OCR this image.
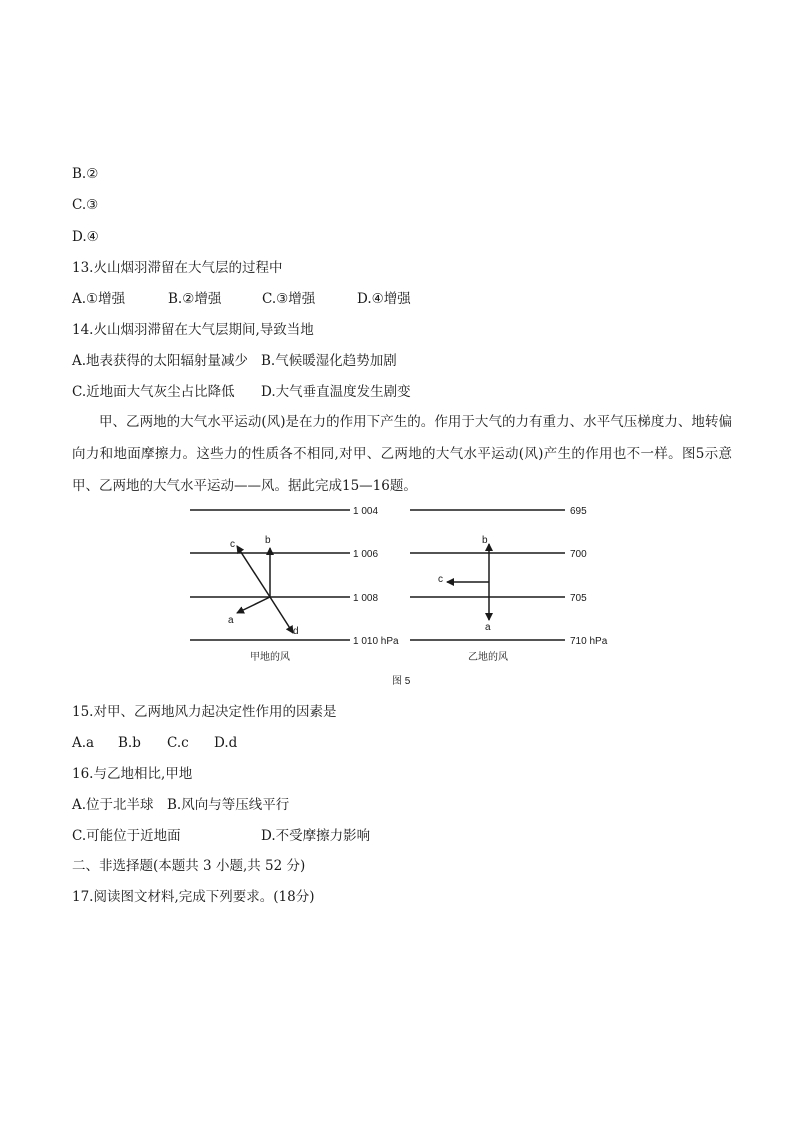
B.②
C.③
D.④
13.火山烟羽滞留在大气层的过程中
A.①增强	B.②增强	C.③增强	D.④增强
14.火山烟羽滞留在大气层期间,导致当地
A.地表获得的太阳辐射量减少 B.气候暖湿化趋势加剧
C.近地面大气灰尘占比降低 D.大气垂直温度发生剧变
甲、乙两地的大气水平运动(风)是在力的作用下产生的。作用于大气的力有重力、水平气压梯度力、地转偏向力和地面摩擦力。这些力的性质各不相同,对甲、乙两地的大气水平运动(风)产生的作用也不一样。图5示意甲、乙两地的大气水平运动——风。据此完成15—16题。
1 004
1 006
1 008
1 010 hPa
c	b
a
d
甲地的风
695
700
705
710 hPa
b
c
a
乙地的风
图 5
15.对甲、乙两地风力起决定性作用的因素是
A.a B.b C.c D.d
16.与乙地相比,甲地
A.位于北半球 B.风向与等压线平行
C.可能位于近地面	D.不受摩擦力影响
二、非选择题(本题共 3 小题,共 52 分)
17.阅读图文材料,完成下列要求。(18分)
